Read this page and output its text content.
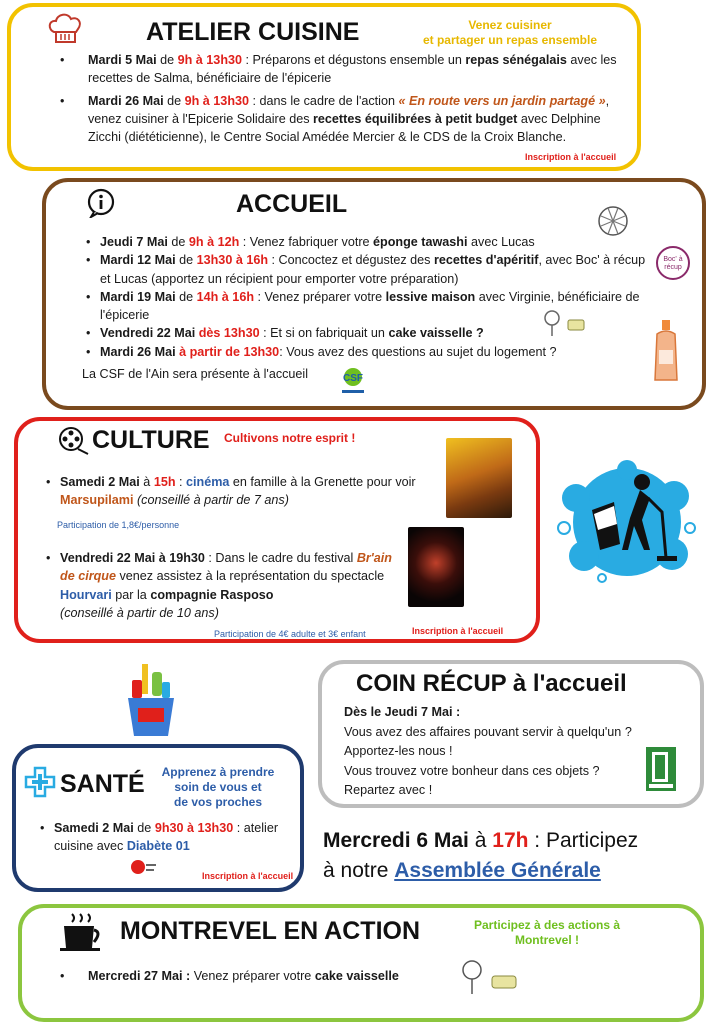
ATELIER CUISINE	Venez cuisiner
et partager un repas ensemble
• Mardi 5 Mai de 9h à 13h30 : Préparons et dégustons ensemble un repas sénégalais avec les recettes de Salma, bénéficiaire de l'épicerie
• Mardi 26 Mai de 9h à 13h30 : dans le cadre de l'action « En route vers un jardin partagé », venez cuisiner à l'Epicerie Solidaire des recettes équilibrées à petit budget avec Delphine Zicchi (diététicienne), le Centre Social Amédée Mercier & le CDS de la Croix Blanche.
Inscription à l'accueil
ACCUEIL
Boc' à récup
• Jeudi 7 Mai de 9h à 12h : Venez fabriquer votre éponge tawashi avec Lucas
• Mardi 12 Mai de 13h30 à 16h : Concoctez et dégustez des recettes d'apéritif, avec Boc' à récup et Lucas (apportez un récipient pour emporter votre préparation)
• Mardi 19 Mai de 14h à 16h : Venez préparer votre lessive maison avec Virginie, bénéficiaire de l'épicerie
• Vendredi 22 Mai dès 13h30 : Et si on fabriquait un cake vaisselle ?
• Mardi 26 Mai à partir de 13h30: Vous avez des questions au sujet du logement ?
La CSF de l'Ain sera présente à l'accueil	CSF
CULTURE Cultivons notre esprit !
• Samedi 2 Mai à 15h : cinéma en famille à la Grenette pour voir Marsupilami (conseillé à partir de 7 ans)
Participation de 1,8€/personne
• Vendredi 22 Mai à 19h30 : Dans le cadre du festival Br'ain de cirque venez assistez à la représentation du spectacle Hourvari par la compagnie Rasposo
(conseillé à partir de 10 ans)
Participation de 4€ adulte et 3€ enfant	Inscription à l'accueil
COIN RÉCUP à l'accueil
Dès le Jeudi 7 Mai :
Vous avez des affaires pouvant servir à quelqu'un ?
Apportez-les nous !
Vous trouvez votre bonheur dans ces objets ?
Repartez avec !
SANTÉ	Apprenez à prendre
soin de vous et
de vos proches
• Samedi 2 Mai de 9h30 à 13h30 : atelier cuisine avec Diabète 01
Inscription à l'accueil
Mercredi 6 Mai à 17h : Participez
à notre Assemblée Générale
MONTREVEL EN ACTION	Participez à des actions à
Montrevel !
• Mercredi 27 Mai : Venez préparer votre cake vaisselle
